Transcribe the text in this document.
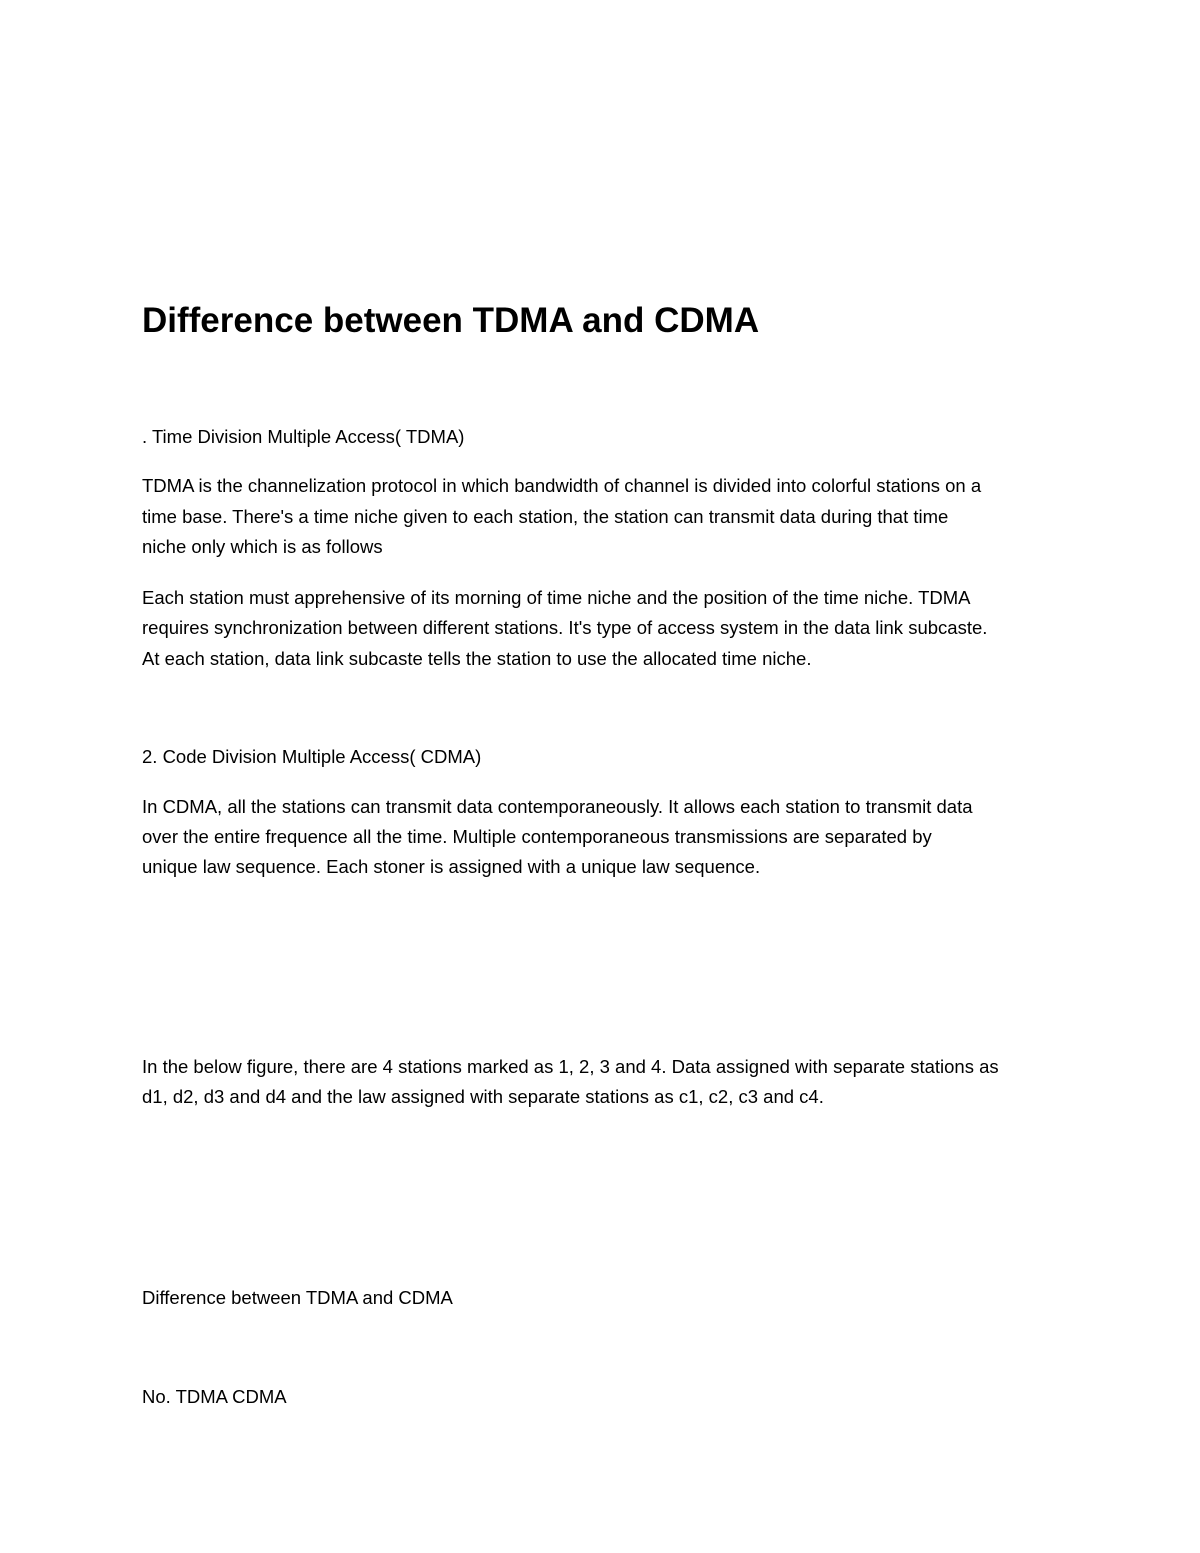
Difference between TDMA and CDMA

. Time Division Multiple Access( TDMA)

TDMA is the channelization protocol in which bandwidth of channel is divided into colorful stations on a

time base. There's a time niche given to each station, the station can transmit data during that time

niche only which is as follows

Each station must apprehensive of its morning of time niche and the position of the time niche. TDMA

requires synchronization between different stations. It's type of access system in the data link subcaste.

At each station, data link subcaste tells the station to use the allocated time niche.

2. Code Division Multiple Access( CDMA)

In CDMA, all the stations can transmit data contemporaneously. It allows each station to transmit data

over the entire frequence all the time. Multiple contemporaneous transmissions are separated by

unique law sequence. Each stoner is assigned with a unique law sequence.

In the below figure, there are 4 stations marked as 1, 2, 3 and 4. Data assigned with separate stations as

d1, d2, d3 and d4 and the law assigned with separate stations as c1, c2, c3 and c4.

Difference between TDMA and CDMA

No. TDMA CDMA
